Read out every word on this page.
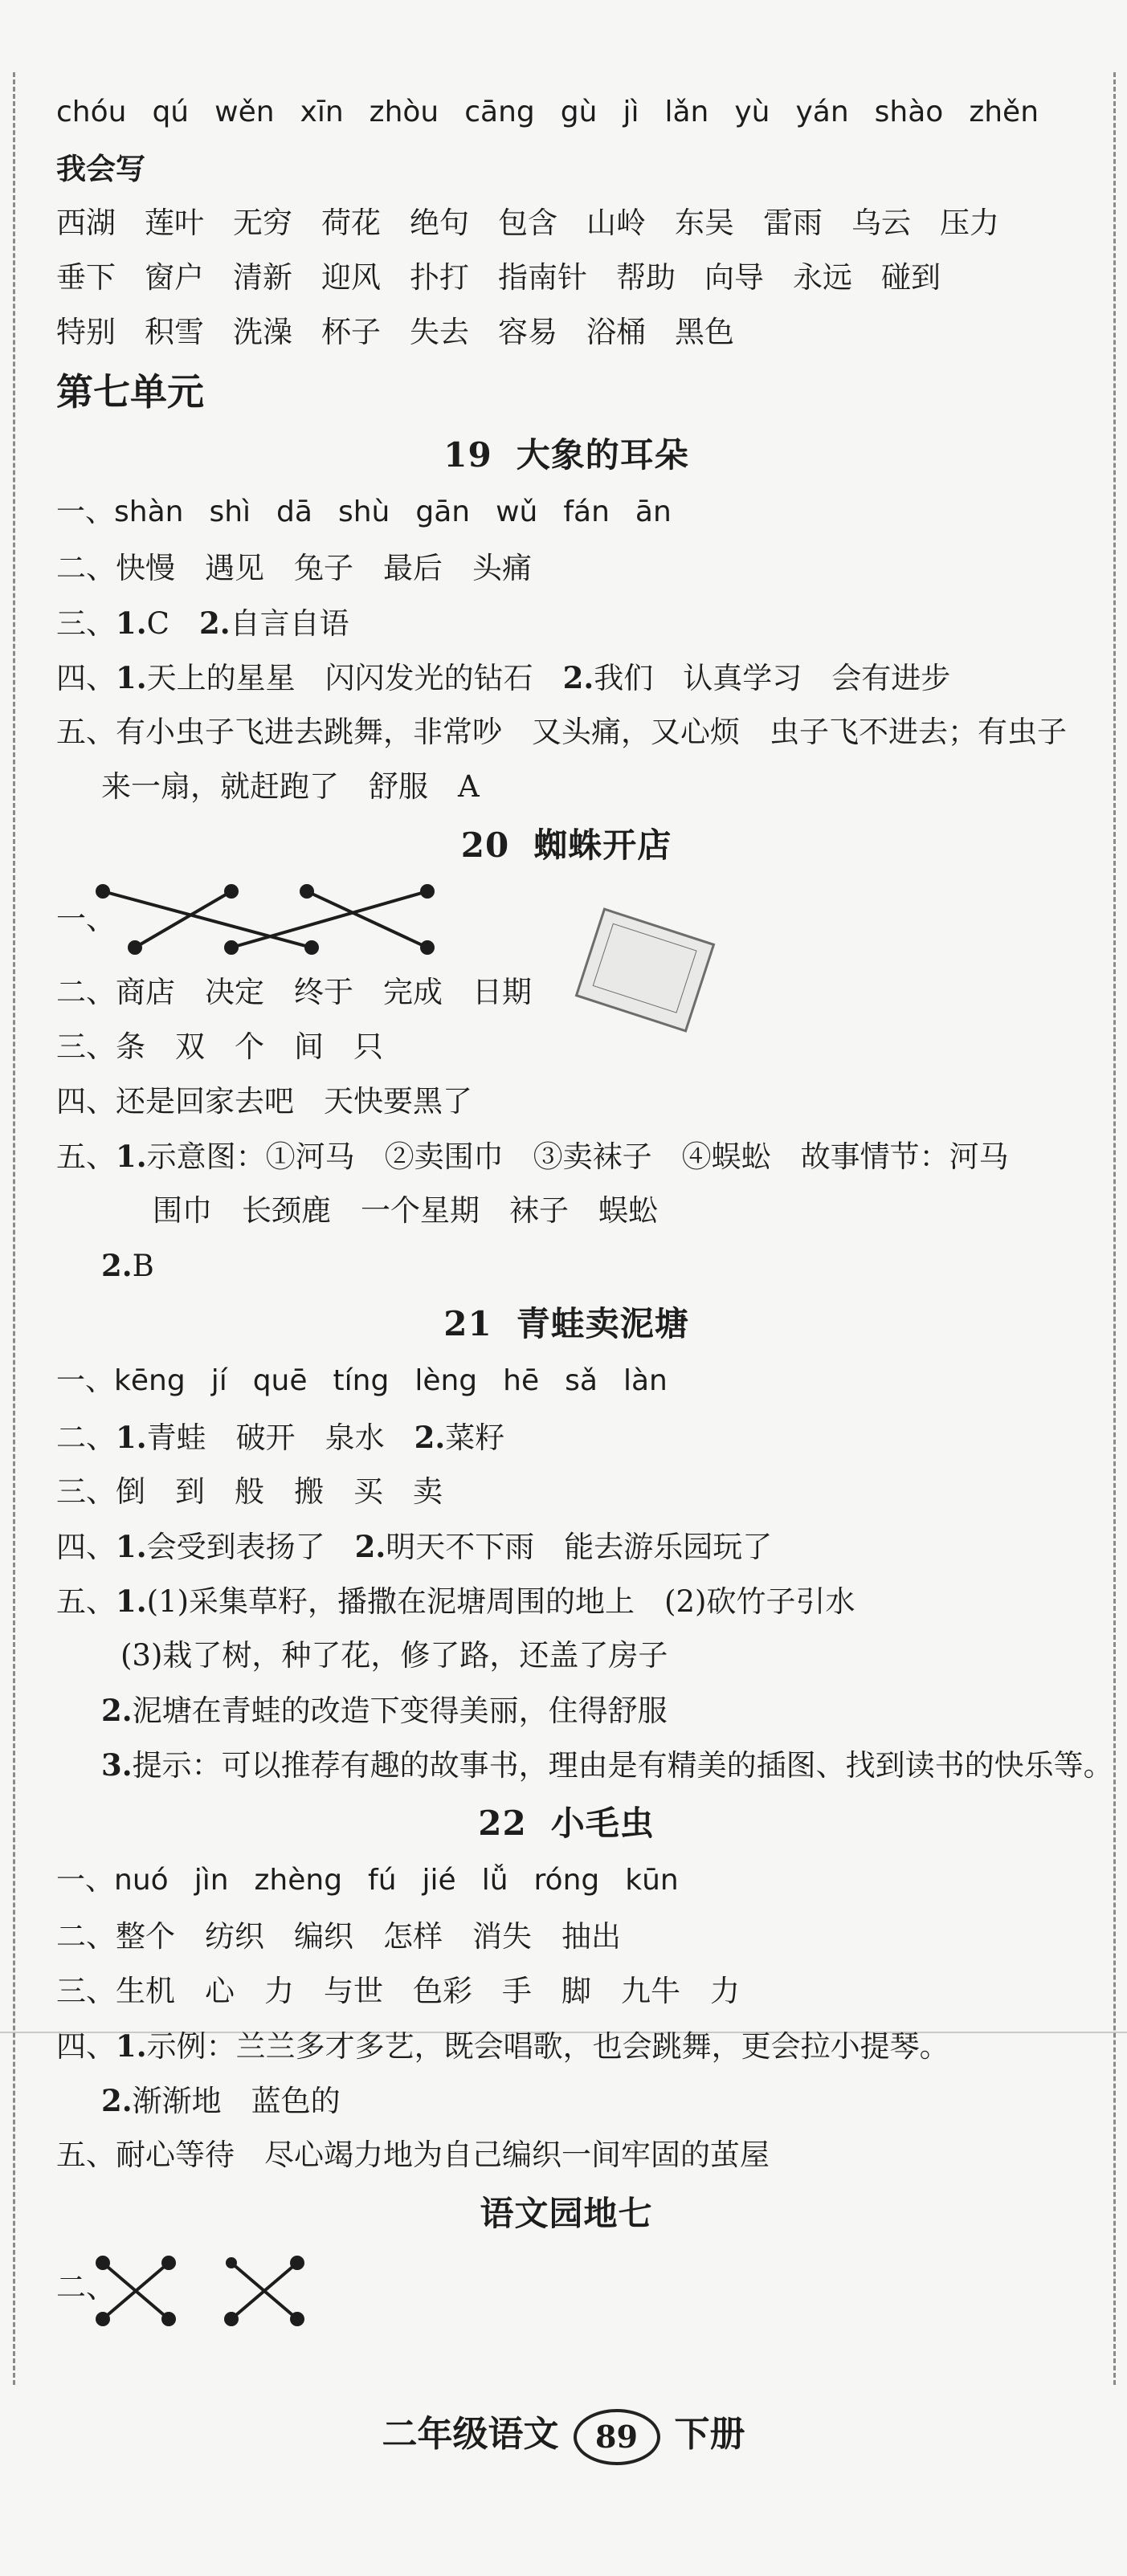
chóu qú wěn xīn zhòu cāng gù jì lǎn yù yán shào zhěn
我会写
西湖 莲叶 无穷 荷花 绝句 包含 山岭 东吴 雷雨 乌云 压力
垂下 窗户 清新 迎风 扑打 指南针 帮助 向导 永远 碰到
特别 积雪 洗澡 杯子 失去 容易 浴桶 黑色
第七单元
19 大象的耳朵
一、shàn shì dā shù gān wǔ fán ān
二、快慢　遇见　兔子　最后　头痛
三、1.C　2.自言自语
四、1.天上的星星　闪闪发光的钻石　2.我们　认真学习　会有进步
五、有小虫子飞进去跳舞，非常吵　又头痛，又心烦　虫子飞不进去；有虫子
来一扇，就赶跑了　舒服　A
20 蜘蛛开店
一、
二、商店　决定　终于　完成　日期
三、条　双　个　间　只
四、还是回家去吧　天快要黑了
五、1.示意图：①河马　②卖围巾　③卖袜子　④蜈蚣　故事情节：河马
围巾　长颈鹿　一个星期　袜子　蜈蚣
2.B
21 青蛙卖泥塘
一、kēng jí quē tíng lèng hē sǎ làn
二、1.青蛙　破开　泉水　2.菜籽
三、倒　到　般　搬　买　卖
四、1.会受到表扬了　2.明天不下雨　能去游乐园玩了
五、1.(1)采集草籽，播撒在泥塘周围的地上　(2)砍竹子引水
(3)栽了树，种了花，修了路，还盖了房子
2.泥塘在青蛙的改造下变得美丽，住得舒服
3.提示：可以推荐有趣的故事书，理由是有精美的插图、找到读书的快乐等。
22 小毛虫
一、nuó jìn zhèng fú jié lǚ róng kūn
二、整个　纺织　编织　怎样　消失　抽出
三、生机　心　力　与世　色彩　手　脚　九牛　力
四、1.示例：兰兰多才多艺，既会唱歌，也会跳舞，更会拉小提琴。
2.渐渐地　蓝色的
五、耐心等待　尽心竭力地为自己编织一间牢固的茧屋
语文园地七
二、
二年级语文 89 下册
